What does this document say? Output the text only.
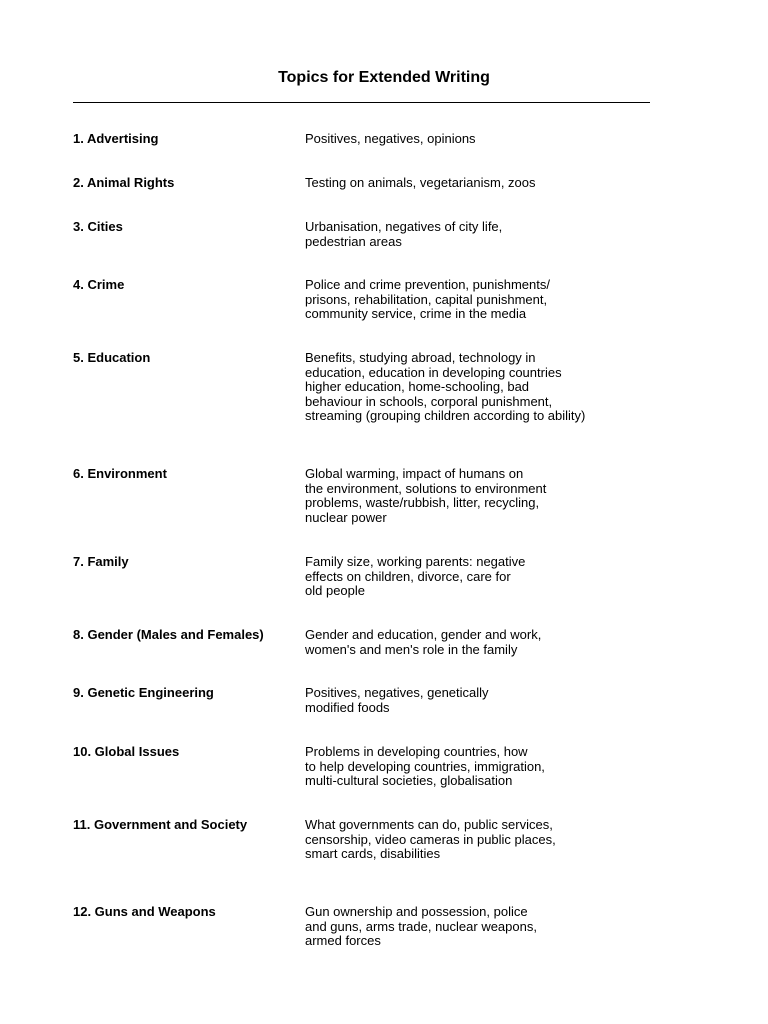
Topics for Extended Writing
1. Advertising	Positives, negatives, opinions
2. Animal Rights	Testing on animals, vegetarianism, zoos
3. Cities	Urbanisation, negatives of city life,
pedestrian areas
4. Crime	Police and crime prevention, punishments/
prisons, rehabilitation, capital punishment,
community service, crime in the media
5. Education	Benefits, studying abroad, technology in
education, education in developing countries
higher education, home-schooling, bad
behaviour in schools, corporal punishment,
streaming (grouping children according to ability)
6. Environment	Global warming, impact of humans on
the environment, solutions to environment
problems, waste/rubbish, litter, recycling,
nuclear power
7. Family	Family size, working parents: negative
effects on children, divorce, care for
old people
8. Gender (Males and Females)	Gender and education, gender and work,
women's and men's role in the family
9. Genetic Engineering	Positives, negatives, genetically
modified foods
10. Global Issues	Problems in developing countries, how
to help developing countries, immigration,
multi-cultural societies, globalisation
11. Government and Society	What governments can do, public services,
censorship, video cameras in public places,
smart cards, disabilities
12. Guns and Weapons	Gun ownership and possession, police
and guns, arms trade, nuclear weapons,
armed forces
